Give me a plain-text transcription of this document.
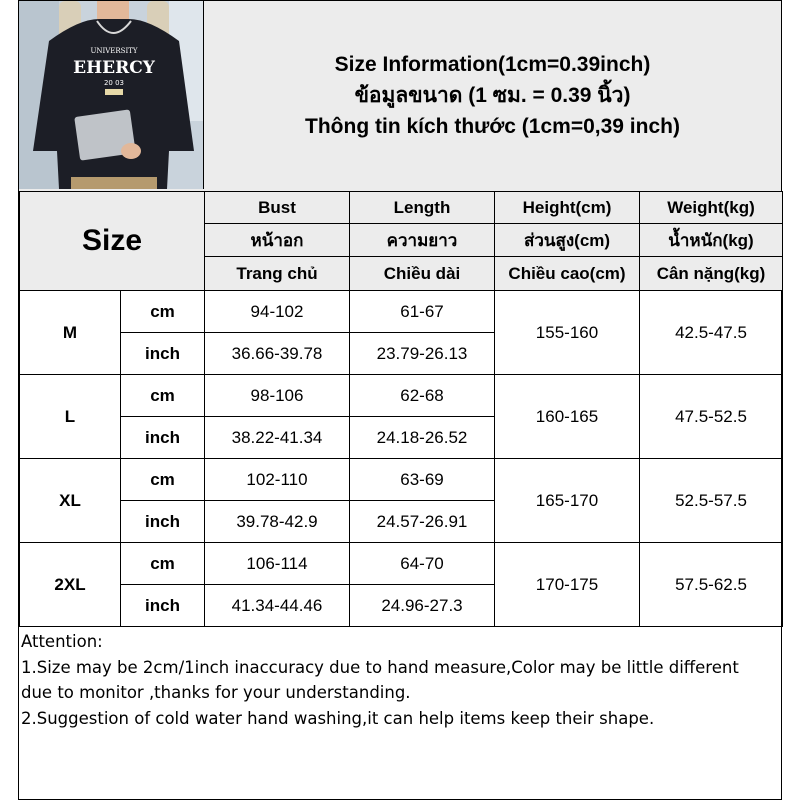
UNIVERSITY
EHERCY
20 03
Size Information(1cm=0.39inch)
ข้อมูลขนาด (1 ซม. = 0.39 นิ้ว)
Thông tin kích thước (1cm=0,39 inch)
Size		Bust	Length	Height(cm)	Weight(kg)
		หน้าอก	ความยาว	ส่วนสูง(cm)	น้ำหนัก(kg)
		Trang chủ	Chiều dài	Chiều cao(cm)	Cân nặng(kg)
M	cm	94-102	61-67	155-160	42.5-47.5
	inch	36.66-39.78	23.79-26.13		
L	cm	98-106	62-68	160-165	47.5-52.5
	inch	38.22-41.34	24.18-26.52		
XL	cm	102-110	63-69	165-170	52.5-57.5
	inch	39.78-42.9	24.57-26.91		
2XL	cm	106-114	64-70	170-175	57.5-62.5
	inch	41.34-44.46	24.96-27.3		
Attention:
1.Size may be 2cm/1inch inaccuracy due to hand measure,Color may be little different
due to monitor ,thanks for your understanding.
2.Suggestion of cold water hand washing,it can help items keep their shape.
